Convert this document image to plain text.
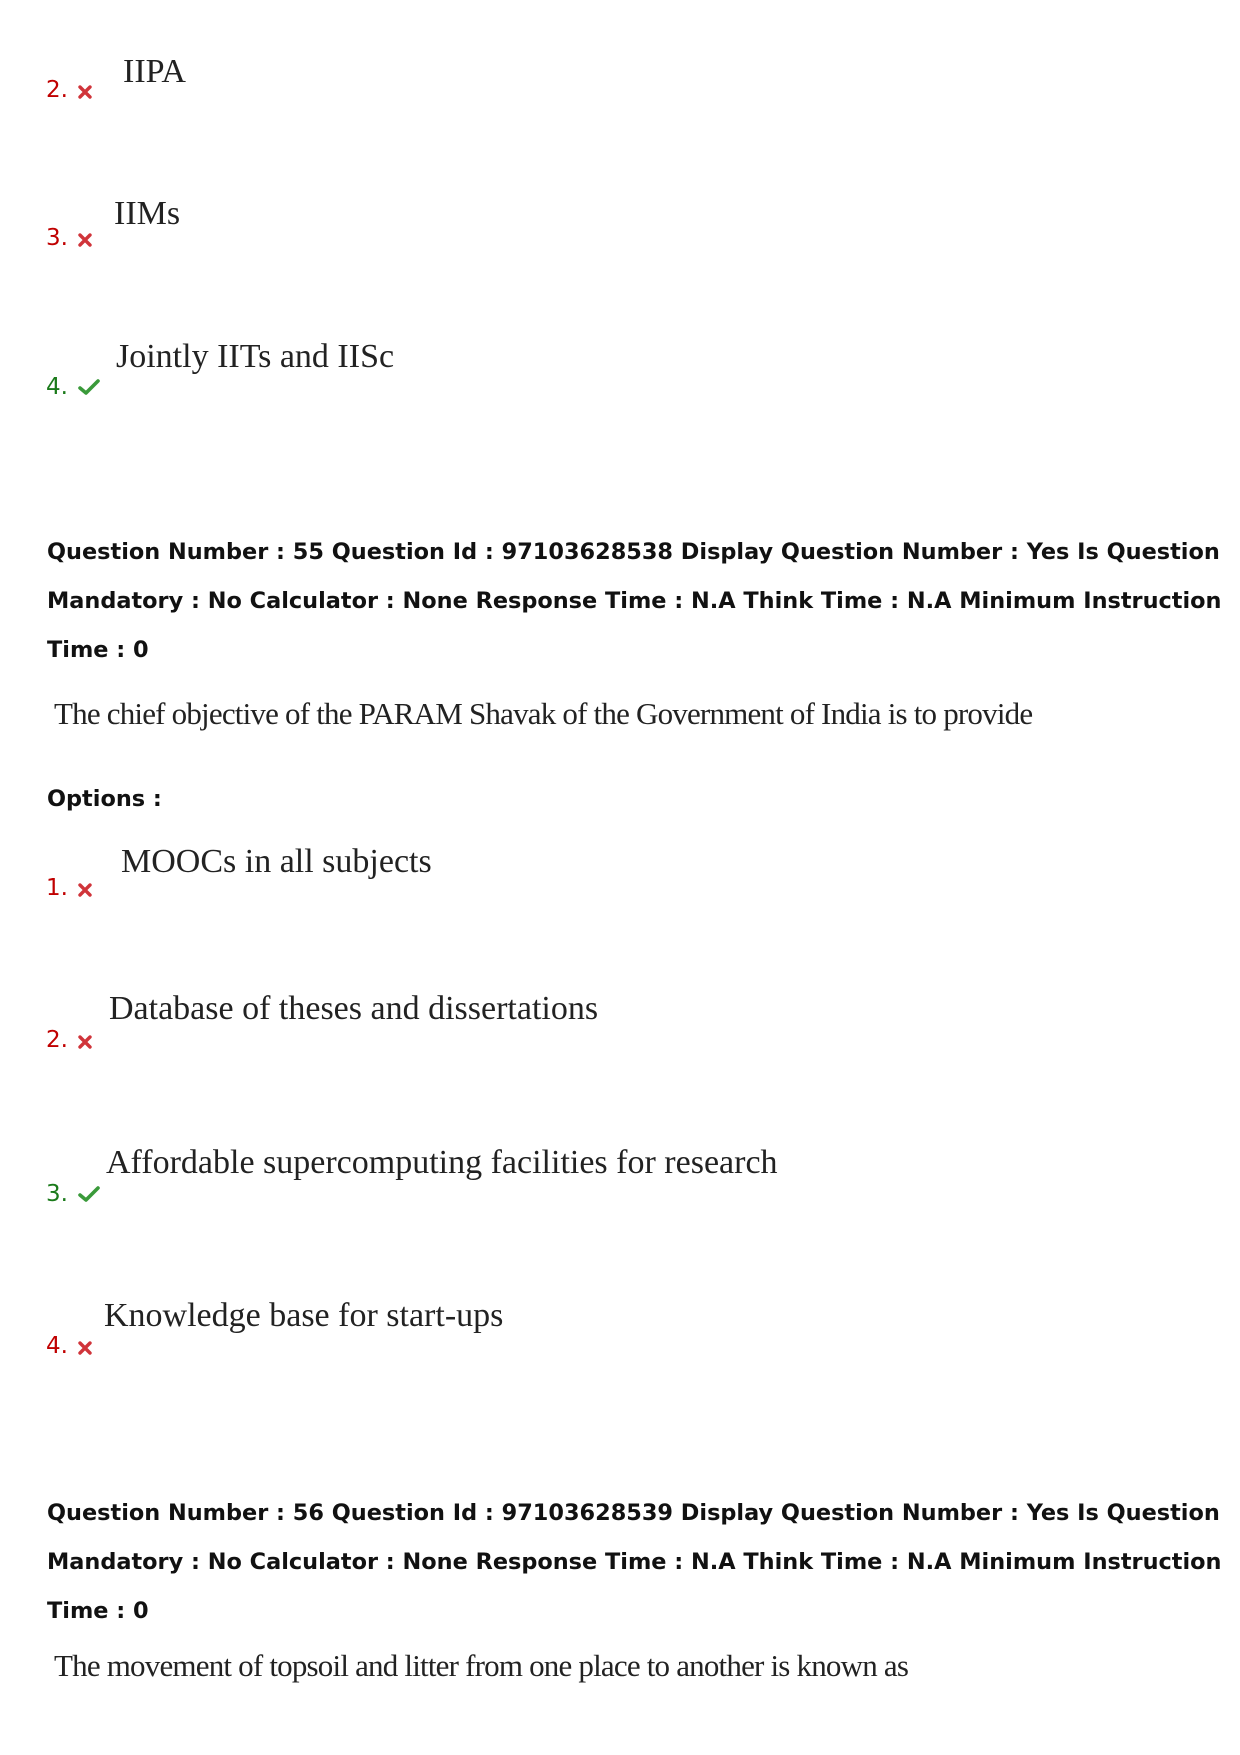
IIPA
2.
IIMs
3.
Jointly IITs and IISc
4.
Question Number : 55 Question Id : 97103628538 Display Question Number : Yes Is Question
Mandatory : No Calculator : None Response Time : N.A Think Time : N.A Minimum Instruction
Time : 0
The chief objective of the PARAM Shavak of the Government of India is to provide
Options :
MOOCs in all subjects
1.
Database of theses and dissertations
2.
Affordable supercomputing facilities for research
3.
Knowledge base for start-ups
4.
Question Number : 56 Question Id : 97103628539 Display Question Number : Yes Is Question
Mandatory : No Calculator : None Response Time : N.A Think Time : N.A Minimum Instruction
Time : 0
The movement of topsoil and litter from one place to another is known as
